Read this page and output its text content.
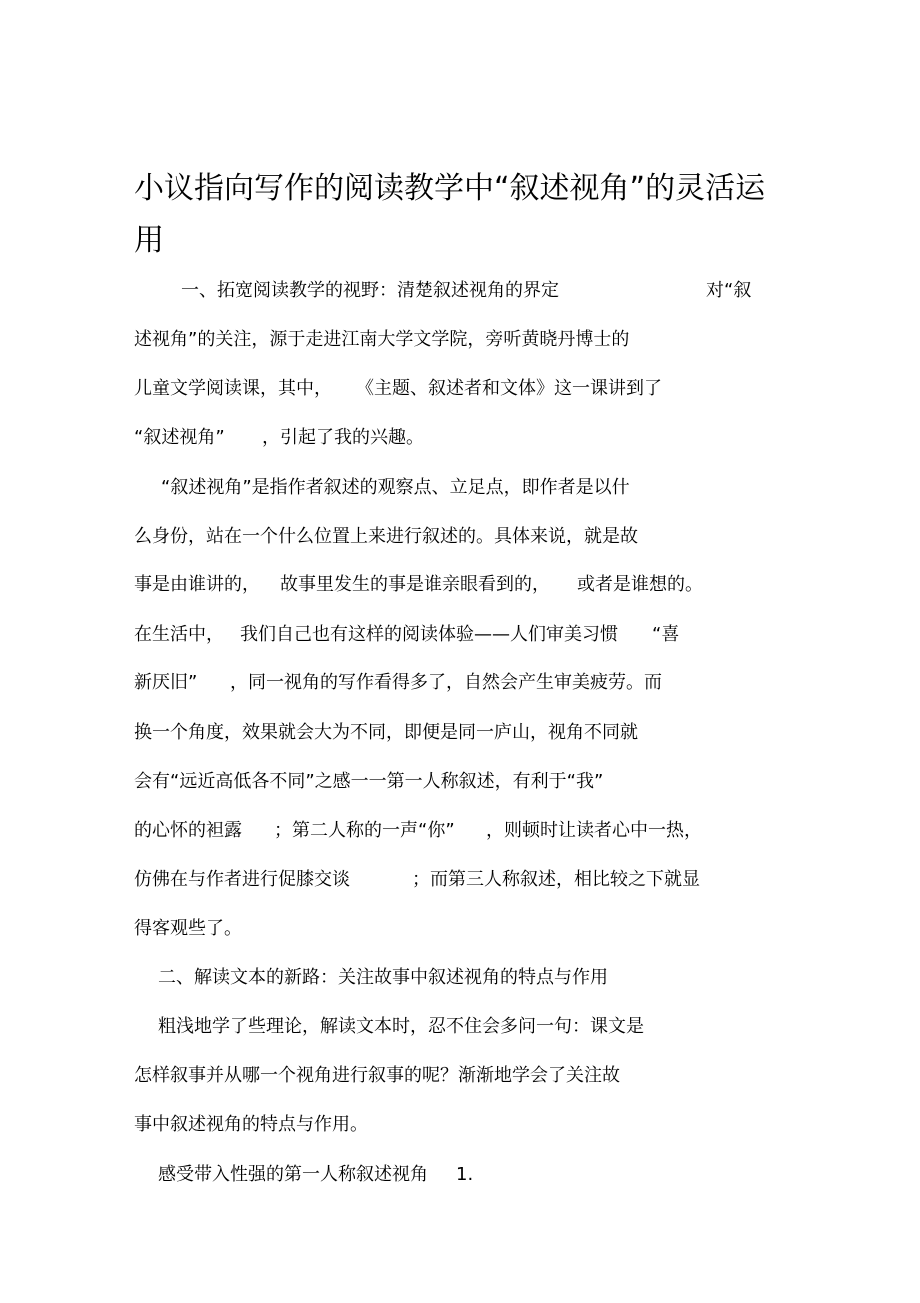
小议指向写作的阅读教学中“叙述视角”的灵活运
用
一、拓宽阅读教学的视野：清楚叙述视角的界定	对“叙
述视角”的关注，源于走进江南大学文学院，旁听黄晓丹博士的
儿童文学阅读课，其中， 《主题、叙述者和文体》这一课讲到了
“叙述视角” ，引起了我的兴趣。
“叙述视角”是指作者叙述的观察点、立足点，即作者是以什
么身份，站在一个什么位置上来进行叙述的。具体来说，就是故
事是由谁讲的， 故事里发生的事是谁亲眼看到的， 或者是谁想的。
在生活中， 我们自己也有这样的阅读体验——人们审美习惯 “喜
新厌旧” ，同一视角的写作看得多了，自然会产生审美疲劳。而
换一个角度，效果就会大为不同，即便是同一庐山，视角不同就
会有“远近高低各不同”之感一一第一人称叙述，有利于“我”
的心怀的袒露 ；第二人称的一声“你” ，则顿时让读者心中一热，
仿佛在与作者进行促膝交谈	；而第三人称叙述，相比较之下就显
得客观些了。
二、解读文本的新路：关注故事中叙述视角的特点与作用
粗浅地学了些理论，解读文本时，忍不住会多问一句：课文是
怎样叙事并从哪一个视角进行叙事的呢？渐渐地学会了关注故
事中叙述视角的特点与作用。
感受带入性强的第一人称叙述视角 1.
